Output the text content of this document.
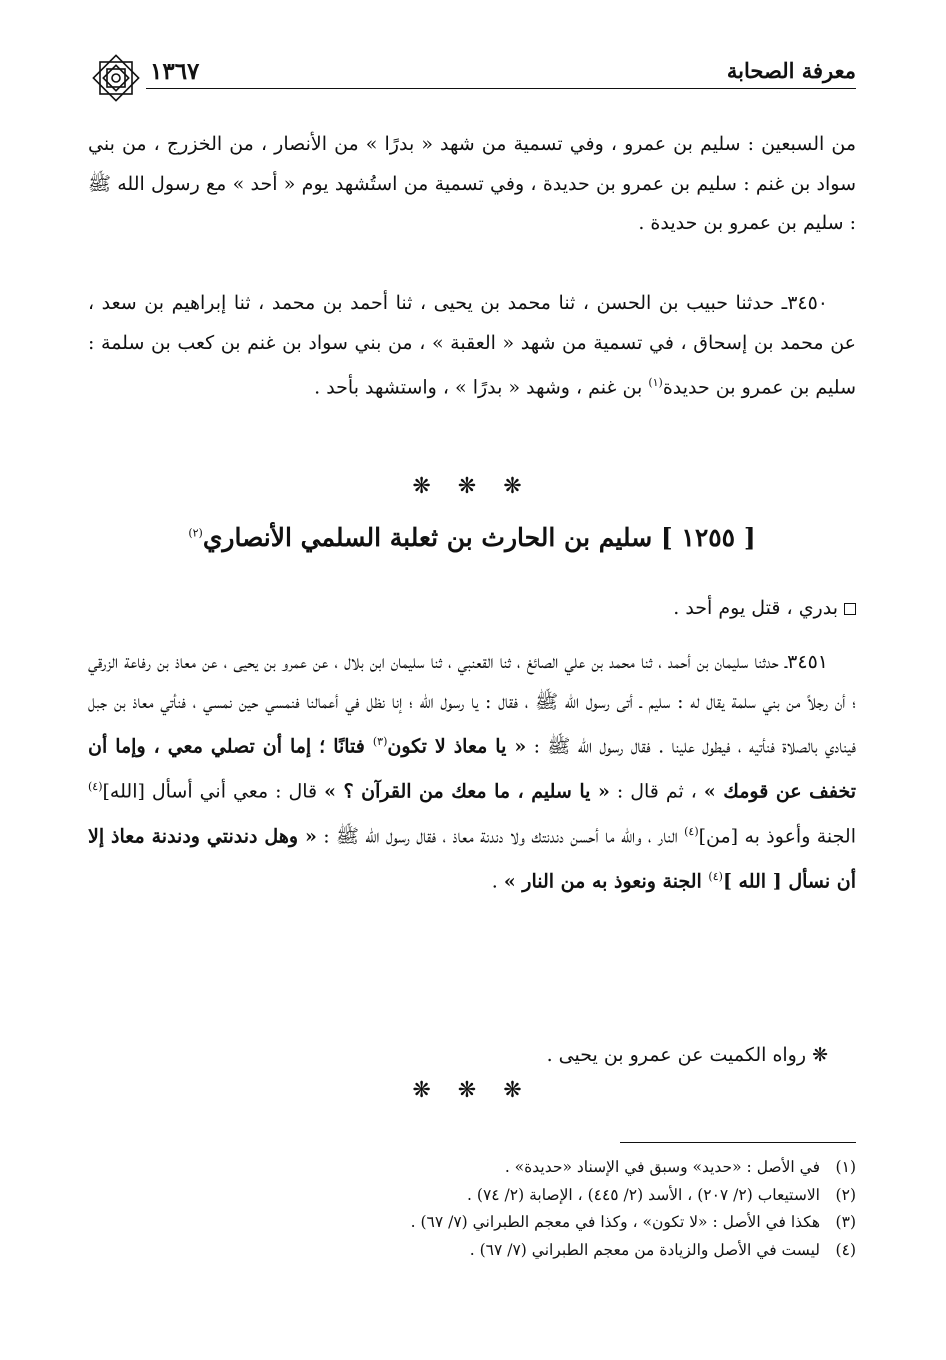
معرفة الصحابة
١٣٦٧

من السبعين : سليم بن عمرو ، وفي تسمية من شهد « بدرًا » من الأنصار ، من الخزرج ، من بني سواد بن غنم : سليم بن عمرو بن حديدة ، وفي تسمية من استُشهد يوم « أحد » مع رسول الله ﷺ : سليم بن عمرو بن حديدة .

٣٤٥٠ـ حدثنا حبيب بن الحسن ، ثنا محمد بن يحيى ، ثنا أحمد بن محمد ، ثنا إبراهيم بن سعد ، عن محمد بن إسحاق ، في تسمية من شهد « العقبة » ، من بني سواد بن غنم بن كعب بن سلمة : سليم بن عمرو بن حديدة$^{(١)}$ بن غنم ، وشهد « بدرًا » ، واستشهد بأحد .

❋ ❋ ❋
[ ١٢٥٥ ] سليم بن الحارث بن ثعلبة السلمي الأنصاري$^{(٢)}$

بدري ، قتل يوم أحد .

٣٤٥١ـ حدثنا سليمان بن أحمد ، ثنا محمد بن علي الصائغ ، ثنا القعنبي ، ثنا سليمان ابن بلال ، عن عمرو بن يحيى ، عن معاذ بن رفاعة الزرقي ؛ أن رجلاً من بني سلمة يقال له : سليم ـ أتى رسول الله ﷺ ، فقال : يا رسول الله ؛ إنا نظل في أعمالنا فنمسي حين نمسي ، فنأتي معاذ بن جبل فينادي بالصلاة فنأتيه ، فيطول علينا . فقال رسول الله ﷺ : « يا معاذ لا تكون$^{(٣)}$ فتانًا ؛ إما أن تصلي معي ، وإما أن تخفف عن قومك » ، ثم قال : « يا سليم ، ما معك من القرآن ؟ » قال : معي أني أسأل [الله]$^{(٤)}$ الجنة وأعوذ به [من]$^{(٤)}$ النار ، والله ما أحسن دندنتك ولا دندنة معاذ ، فقال رسول الله ﷺ : « وهل دندنتي ودندنة معاذ إلا أن نسأل [ الله ]$^{(٤)}$ الجنة ونعوذ به من النار » .

❋ رواه الكميت عن عمرو بن يحيى .

❋ ❋ ❋
(١)في الأصل : «حديد» وسبق في الإسناد «حديدة» .
(٢)الاستيعاب (٢/ ٢٠٧) ، الأسد (٢/ ٤٤٥) ، الإصابة (٢/ ٧٤) .
(٣)هكذا في الأصل : «لا تكون» ، وكذا في معجم الطبراني (٧/ ٦٧) .
(٤)ليست في الأصل والزيادة من معجم الطبراني (٧/ ٦٧) .
